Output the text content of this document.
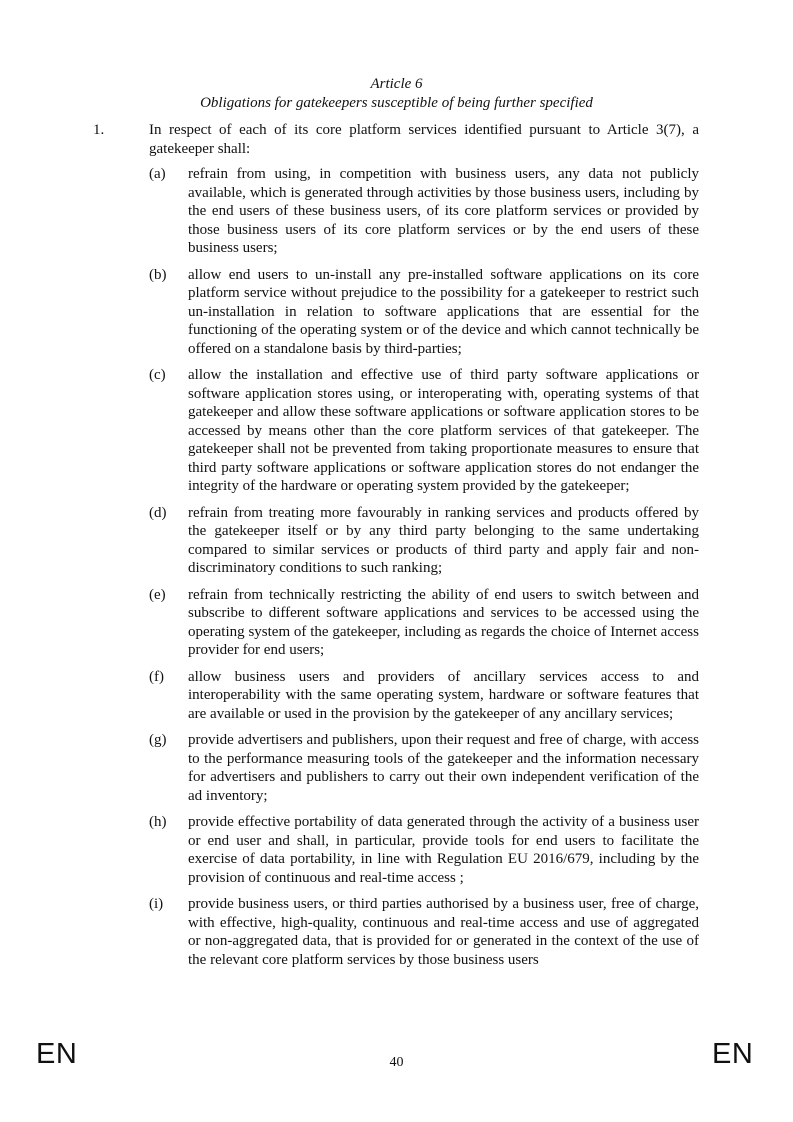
Article 6
Obligations for gatekeepers susceptible of being further specified
1.	In respect of each of its core platform services identified pursuant to Article 3(7), a gatekeeper shall:
(a) refrain from using, in competition with business users, any data not publicly available, which is generated through activities by those business users, including by the end users of these business users, of its core platform services or provided by those business users of its core platform services or by the end users of these business users;
(b) allow end users to un-install any pre-installed software applications on its core platform service without prejudice to the possibility for a gatekeeper to restrict such un-installation in relation to software applications that are essential for the functioning of the operating system or of the device and which cannot technically be offered on a standalone basis by third-parties;
(c) allow the installation and effective use of third party software applications or software application stores using, or interoperating with, operating systems of that gatekeeper and allow these software applications or software application stores to be accessed by means other than the core platform services of that gatekeeper. The gatekeeper shall not be prevented from taking proportionate measures to ensure that third party software applications or software application stores do not endanger the integrity of the hardware or operating system provided by the gatekeeper;
(d) refrain from treating more favourably in ranking services and products offered by the gatekeeper itself or by any third party belonging to the same undertaking compared to similar services or products of third party and apply fair and non-discriminatory conditions to such ranking;
(e) refrain from technically restricting the ability of end users to switch between and subscribe to different software applications and services to be accessed using the operating system of the gatekeeper, including as regards the choice of Internet access provider for end users;
(f) allow business users and providers of ancillary services access to and interoperability with the same operating system, hardware or software features that are available or used in the provision by the gatekeeper of any ancillary services;
(g) provide advertisers and publishers, upon their request and free of charge, with access to the performance measuring tools of the gatekeeper and the information necessary for advertisers and publishers to carry out their own independent verification of the ad inventory;
(h) provide effective portability of data generated through the activity of a business user or end user and shall, in particular, provide tools for end users to facilitate the exercise of data portability, in line with Regulation EU 2016/679, including by the provision of continuous and real-time access ;
(i) provide business users, or third parties authorised by a business user, free of charge, with effective, high-quality, continuous and real-time access and use of aggregated or non-aggregated data, that is provided for or generated in the context of the use of the relevant core platform services by those business users
EN	40	EN
